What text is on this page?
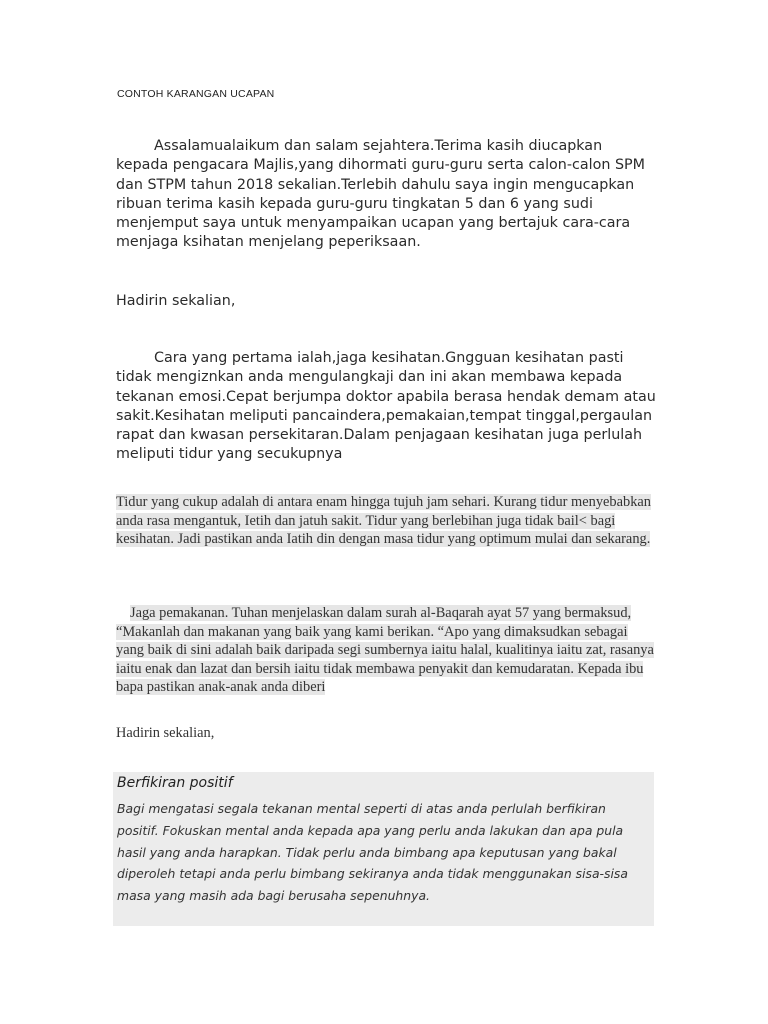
CONTOH KARANGAN UCAPAN

Assalamualaikum dan salam sejahtera.Terima kasih diucapkan kepada pengacara Majlis,yang dihormati guru-guru serta calon-calon SPM dan STPM tahun 2018 sekalian.Terlebih dahulu saya ingin mengucapkan ribuan terima kasih kepada guru-guru tingkatan 5 dan 6 yang sudi menjemput saya untuk menyampaikan ucapan yang bertajuk cara-cara menjaga ksihatan menjelang peperiksaan.

Hadirin sekalian,

Cara yang pertama ialah,jaga kesihatan.Gngguan kesihatan pasti tidak mengiznkan anda mengulangkaji dan ini akan membawa kepada tekanan emosi.Cepat berjumpa doktor apabila berasa hendak demam atau sakit.Kesihatan meliputi pancaindera,pemakaian,tempat tinggal,pergaulan rapat dan kwasan persekitaran.Dalam penjagaan kesihatan juga perlulah meliputi tidur yang secukupnya

Tidur yang cukup adalah di antara enam hingga tujuh jam sehari. Kurang tidur menyebabkan anda rasa mengantuk, Ietih dan jatuh sakit. Tidur yang berlebihan juga tidak bail< bagi kesihatan. Jadi pastikan anda Iatih din dengan masa tidur yang optimum mulai dan sekarang.

Jaga pemakanan. Tuhan menjelaskan dalam surah al-Baqarah ayat 57 yang bermaksud, “Makanlah dan makanan yang baik yang kami berikan. “Apo yang dimaksudkan sebagai yang baik di sini adalah baik daripada segi sumbernya iaitu halal, kualitinya iaitu zat, rasanya iaitu enak dan lazat dan bersih iaitu tidak membawa penyakit dan kemudaratan. Kepada ibu bapa pastikan anak-anak anda diberi

Hadirin sekalian,
Berfikiran positif

Bagi mengatasi segala tekanan mental seperti di atas anda perlulah berfikiran positif. Fokuskan mental anda kepada apa yang perlu anda lakukan dan apa pula hasil yang anda harapkan. Tidak perlu anda bimbang apa keputusan yang bakal diperoleh tetapi anda perlu bimbang sekiranya anda tidak menggunakan sisa-sisa masa yang masih ada bagi berusaha sepenuhnya.
